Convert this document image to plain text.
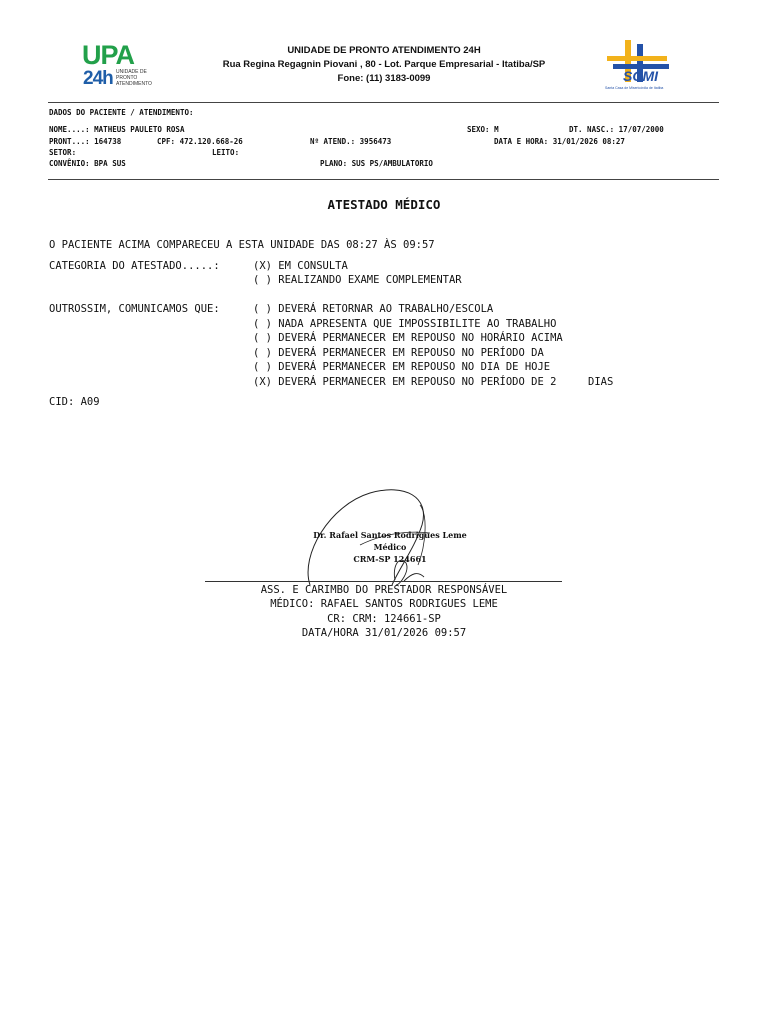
UPA
24h UNIDADE DE PRONTO ATENDIMENTO
UNIDADE DE PRONTO ATENDIMENTO 24H
Rua Regina Regagnin Piovani , 80 - Lot. Parque Empresarial - Itatiba/SP
Fone: (11) 3183-0099	SCMI
Santa Casa de Misericórdia de Itatiba
DADOS DO PACIENTE / ATENDIMENTO:
NOME....: MATHEUS PAULETO ROSA	SEXO: M	DT. NASC.: 17/07/2000
PRONT...: 164738	CPF: 472.120.668-26	Nº ATEND.: 3956473	DATA E HORA: 31/01/2026 08:27
SETOR:	LEITO:
CONVÊNIO: BPA SUS	PLANO: SUS PS/AMBULATORIO
ATESTADO MÉDICO
O PACIENTE ACIMA COMPARECEU A ESTA UNIDADE DAS 08:27 ÀS 09:57
CATEGORIA DO ATESTADO.....:	(X) EM CONSULTA
( ) REALIZANDO EXAME COMPLEMENTAR
OUTROSSIM, COMUNICAMOS QUE:	( ) DEVERÁ RETORNAR AO TRABALHO/ESCOLA
( ) NADA APRESENTA QUE IMPOSSIBILITE AO TRABALHO
( ) DEVERÁ PERMANECER EM REPOUSO NO HORÁRIO ACIMA
( ) DEVERÁ PERMANECER EM REPOUSO NO PERÍODO DA
( ) DEVERÁ PERMANECER EM REPOUSO NO DIA DE HOJE
(X) DEVERÁ PERMANECER EM REPOUSO NO PERÍODO DE 2     DIAS
CID: A09
Dr. Rafael Santos Rodrigues Leme
Médico
CRM-SP 124661
ASS. E CARIMBO DO PRESTADOR RESPONSÁVEL
MÉDICO: RAFAEL SANTOS RODRIGUES LEME
CR: CRM: 124661-SP
DATA/HORA 31/01/2026 09:57
